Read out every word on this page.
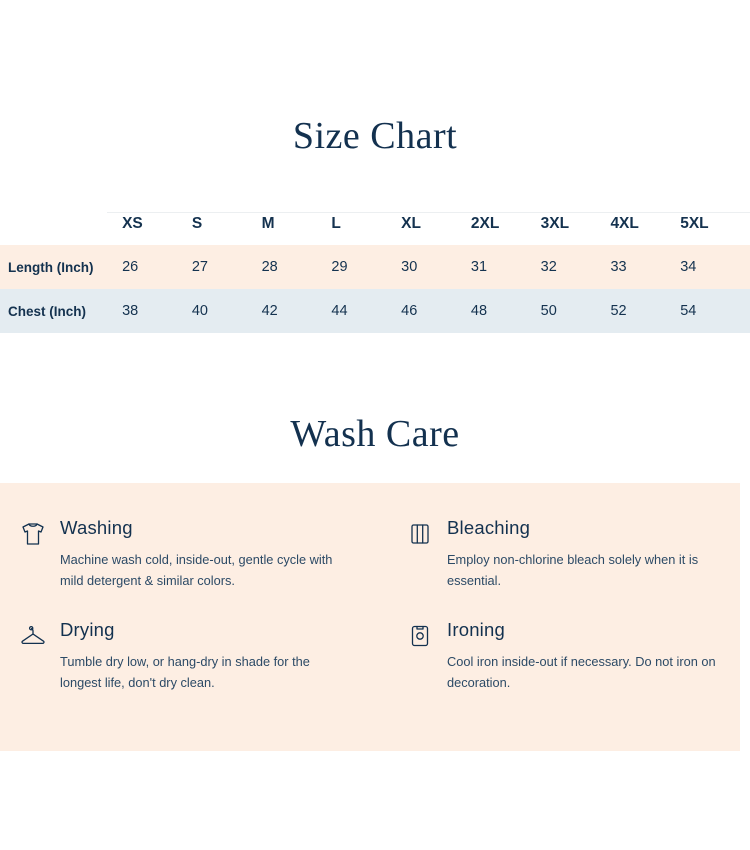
Size Chart
	XS	S	M	L	XL	2XL	3XL	4XL	5XL
Length (Inch)	26	27	28	29	30	31	32	33	34
Chest (Inch)	38	40	42	44	46	48	50	52	54
Wash Care

Washing

Machine wash cold, inside-out, gentle cycle with mild detergent & similar colors.

Bleaching

Employ non-chlorine bleach solely when it is essential.

Drying

Tumble dry low, or hang-dry in shade for the longest life, don't dry clean.

Ironing

Cool iron inside-out if necessary. Do not iron on decoration.
